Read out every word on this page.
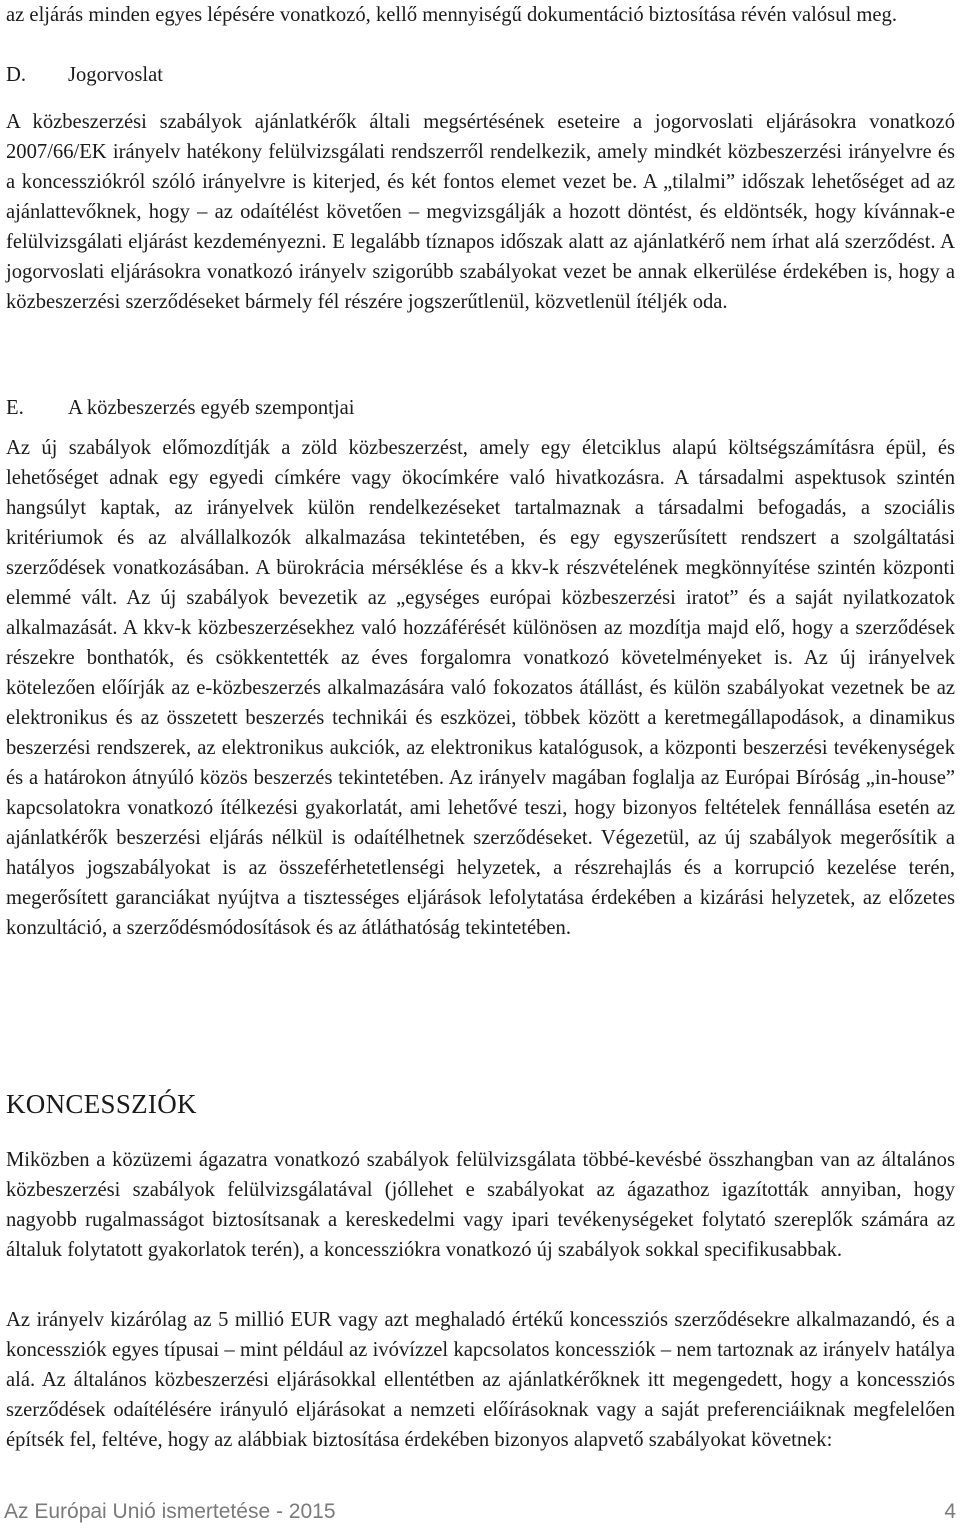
az eljárás minden egyes lépésére vonatkozó, kellő mennyiségű dokumentáció biztosítása révén valósul meg.

D. Jogorvoslat

A közbeszerzési szabályok ajánlatkérők általi megsértésének eseteire a jogorvoslati eljárásokra vonatkozó 2007/66/EK irányelv hatékony felülvizsgálati rendszerről rendelkezik, amely mindkét közbeszerzési irányelvre és a koncessziókról szóló irányelvre is kiterjed, és két fontos elemet vezet be. A „tilalmi” időszak lehetőséget ad az ajánlattevőknek, hogy – az odaítélést követően – megvizsgálják a hozott döntést, és eldöntsék, hogy kívánnak-e felülvizsgálati eljárást kezdeményezni. E legalább tíznapos időszak alatt az ajánlatkérő nem írhat alá szerződést. A jogorvoslati eljárásokra vonatkozó irányelv szigorúbb szabályokat vezet be annak elkerülése érdekében is, hogy a közbeszerzési szerződéseket bármely fél részére jogszerűtlenül, közvetlenül ítéljék oda.

E. A közbeszerzés egyéb szempontjai

Az új szabályok előmozdítják a zöld közbeszerzést, amely egy életciklus alapú költségszámításra épül, és lehetőséget adnak egy egyedi címkére vagy ökocímkére való hivatkozásra. A társadalmi aspektusok szintén hangsúlyt kaptak, az irányelvek külön rendelkezéseket tartalmaznak a társadalmi befogadás, a szociális kritériumok és az alvállalkozók alkalmazása tekintetében, és egy egyszerűsített rendszert a szolgáltatási szerződések vonatkozásában. A bürokrácia mérséklése és a kkv-k részvételének megkönnyítése szintén központi elemmé vált. Az új szabályok bevezetik az „egységes európai közbeszerzési iratot” és a saját nyilatkozatok alkalmazását. A kkv-k közbeszerzésekhez való hozzáférését különösen az mozdítja majd elő, hogy a szerződések részekre bonthatók, és csökkentették az éves forgalomra vonatkozó követelményeket is. Az új irányelvek kötelezően előírják az e-közbeszerzés alkalmazására való fokozatos átállást, és külön szabályokat vezetnek be az elektronikus és az összetett beszerzés technikái és eszközei, többek között a keretmegállapodások, a dinamikus beszerzési rendszerek, az elektronikus aukciók, az elektronikus katalógusok, a központi beszerzési tevékenységek és a határokon átnyúló közös beszerzés tekintetében. Az irányelv magában foglalja az Európai Bíróság „in-house” kapcsolatokra vonatkozó ítélkezési gyakorlatát, ami lehetővé teszi, hogy bizonyos feltételek fennállása esetén az ajánlatkérők beszerzési eljárás nélkül is odaítélhetnek szerződéseket. Végezetül, az új szabályok megerősítik a hatályos jogszabályokat is az összeférhetetlenségi helyzetek, a részrehajlás és a korrupció kezelése terén, megerősített garanciákat nyújtva a tisztességes eljárások lefolytatása érdekében a kizárási helyzetek, az előzetes konzultáció, a szerződésmódosítások és az átláthatóság tekintetében.

KONCESSZIÓK

Miközben a közüzemi ágazatra vonatkozó szabályok felülvizsgálata többé-kevésbé összhangban van az általános közbeszerzési szabályok felülvizsgálatával (jóllehet e szabályokat az ágazathoz igazították annyiban, hogy nagyobb rugalmasságot biztosítsanak a kereskedelmi vagy ipari tevékenységeket folytató szereplők számára az általuk folytatott gyakorlatok terén), a koncessziókra vonatkozó új szabályok sokkal specifikusabbak.

Az irányelv kizárólag az 5 millió EUR vagy azt meghaladó értékű koncessziós szerződésekre alkalmazandó, és a koncessziók egyes típusai – mint például az ivóvízzel kapcsolatos koncessziók – nem tartoznak az irányelv hatálya alá. Az általános közbeszerzési eljárásokkal ellentétben az ajánlatkérőknek itt megengedett, hogy a koncessziós szerződések odaítélésére irányuló eljárásokat a nemzeti előírásoknak vagy a saját preferenciáiknak megfelelően építsék fel, feltéve, hogy az alábbiak biztosítása érdekében bizonyos alapvető szabályokat követnek:

Az Európai Unió ismertetése - 2015	4
